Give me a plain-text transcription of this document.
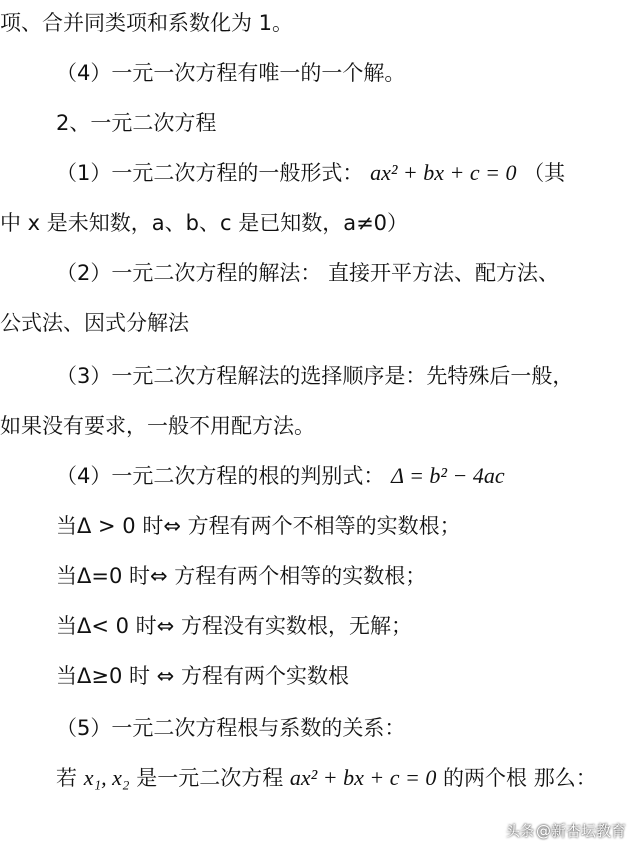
项、合并同类项和系数化为 1。
（4）一元一次方程有唯一的一个解。
2、一元二次方程
（1）一元二次方程的一般形式： ax² + bx + c = 0 （其
中 x 是未知数，a、b、c 是已知数，a≠0）
（2）一元二次方程的解法： 直接开平方法、配方法、
公式法、因式分解法
（3）一元二次方程解法的选择顺序是：先特殊后一般，
如果没有要求，一般不用配方法。
（4）一元二次方程的根的判别式： Δ = b² − 4ac
当Δ > 0 时⇔ 方程有两个不相等的实数根；
当Δ=0 时⇔ 方程有两个相等的实数根；
当Δ< 0 时⇔ 方程没有实数根，无解；
当Δ≥0 时 ⇔ 方程有两个实数根
（5）一元二次方程根与系数的关系：
若 x₁, x₂ 是一元二次方程 ax² + bx + c = 0 的两个根 那么：
头条 @新杏坛教育
